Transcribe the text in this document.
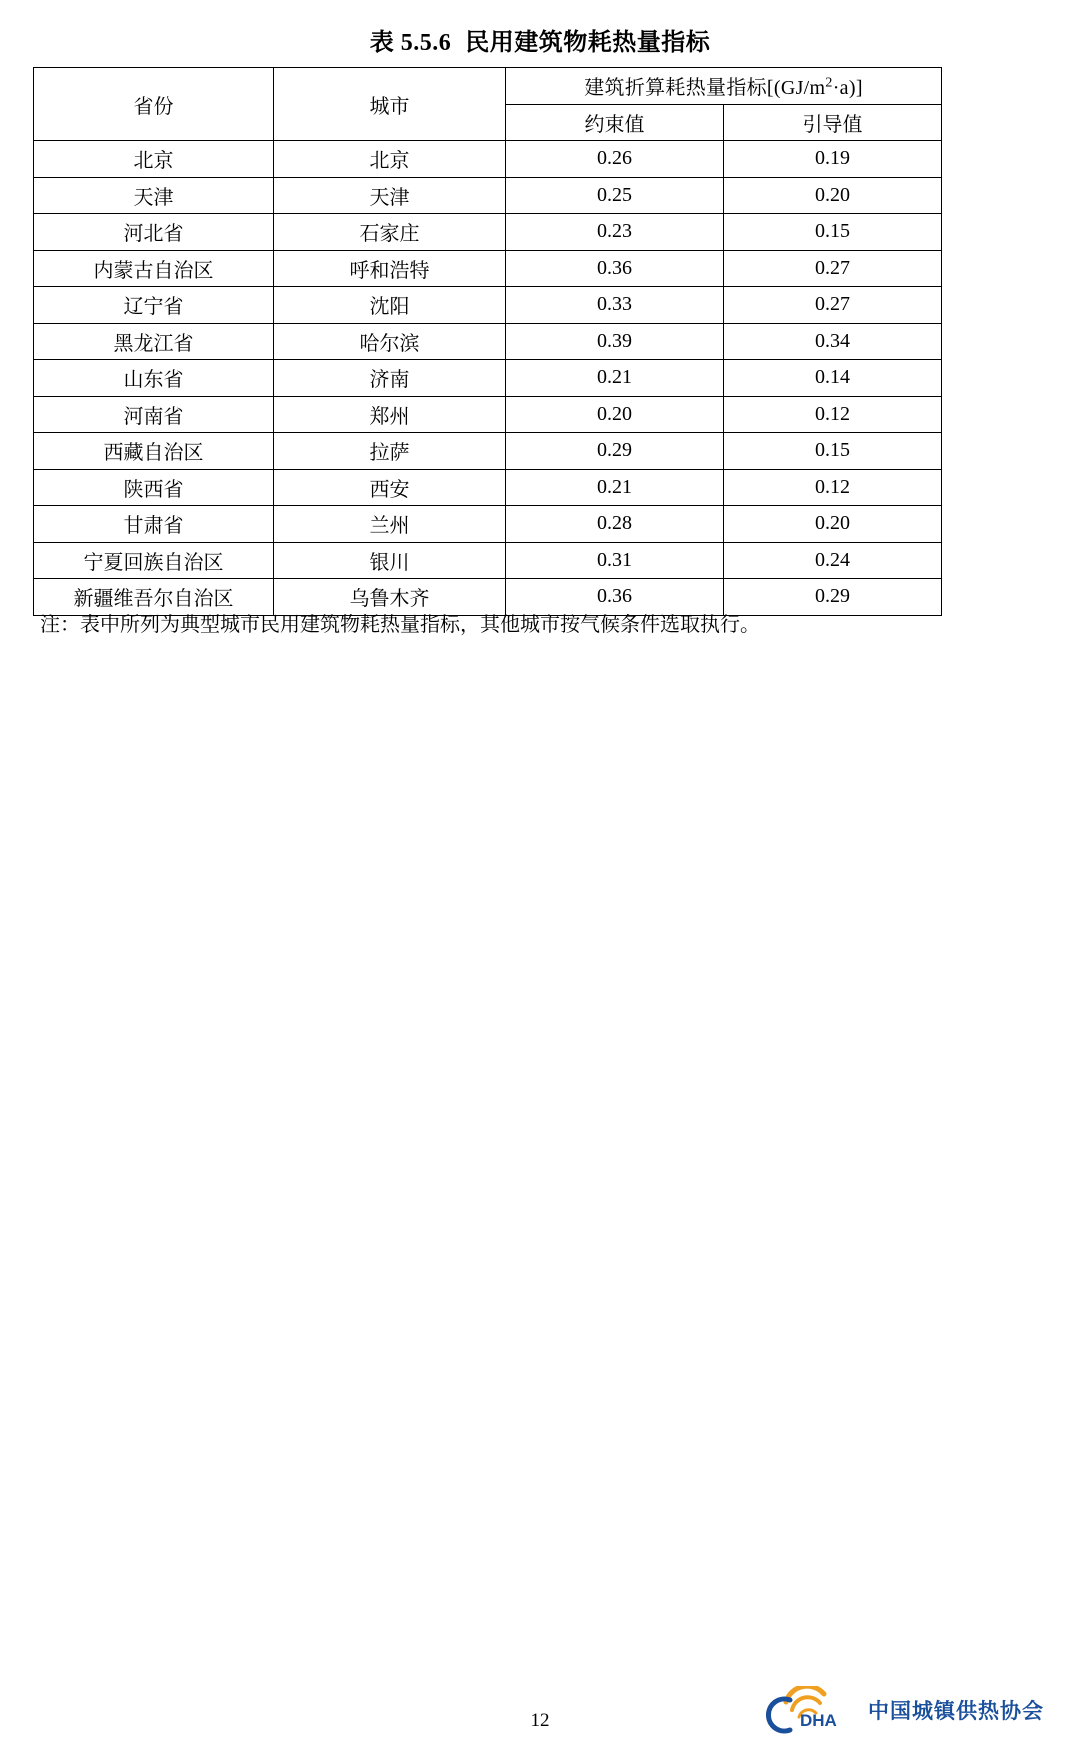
表 5.5.6 民用建筑物耗热量指标
省份	城市	建筑折算耗热量指标$[(GJ/m^2\cdot a)]$	
		约束值	引导值
北京	北京	0.26	0.19
天津	天津	0.25	0.20
河北省	石家庄	0.23	0.15
内蒙古自治区	呼和浩特	0.36	0.27
辽宁省	沈阳	0.33	0.27
黑龙江省	哈尔滨	0.39	0.34
山东省	济南	0.21	0.14
河南省	郑州	0.20	0.12
西藏自治区	拉萨	0.29	0.15
陕西省	西安	0.21	0.12
甘肃省	兰州	0.28	0.20
宁夏回族自治区	银川	0.31	0.24
新疆维吾尔自治区	乌鲁木齐	0.36	0.29
注：表中所列为典型城市民用建筑物耗热量指标，其他城市按气候条件选取执行。
12	DHA 中国城镇供热协会
